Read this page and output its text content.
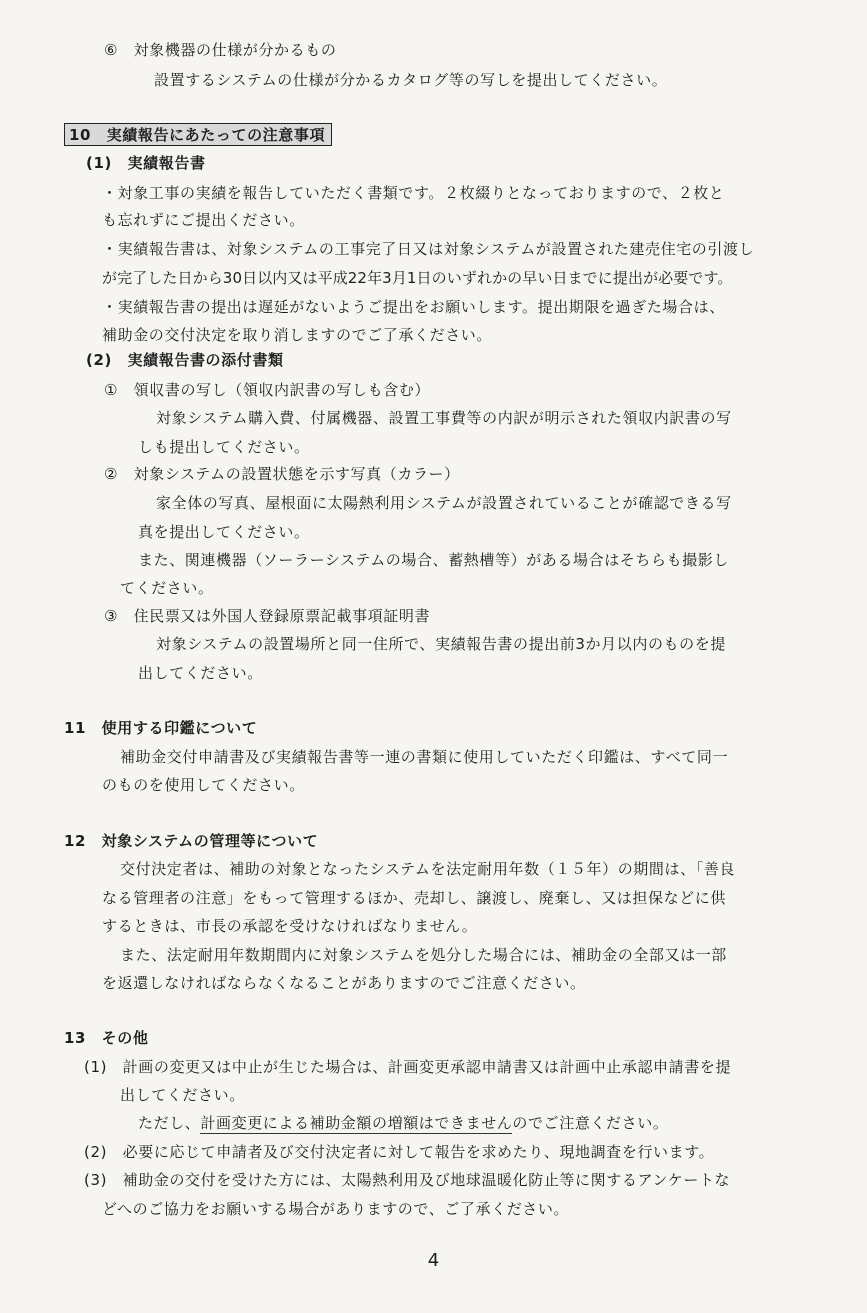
⑥　対象機器の仕様が分かるもの
設置するシステムの仕様が分かるカタログ等の写しを提出してください。
10　実績報告にあたっての注意事項
(1)　実績報告書
・対象工事の実績を報告していただく書類です。２枚綴りとなっておりますので、２枚と
も忘れずにご提出ください。
・実績報告書は、対象システムの工事完了日又は対象システムが設置された建売住宅の引渡し
が完了した日から30日以内又は平成22年3月1日のいずれかの早い日までに提出が必要です。
・実績報告書の提出は遅延がないようご提出をお願いします。提出期限を過ぎた場合は、
補助金の交付決定を取り消しますのでご了承ください。
(2)　実績報告書の添付書類
①　領収書の写し（領収内訳書の写しも含む）
対象システム購入費、付属機器、設置工事費等の内訳が明示された領収内訳書の写
しも提出してください。
②　対象システムの設置状態を示す写真（カラー）
家全体の写真、屋根面に太陽熱利用システムが設置されていることが確認できる写
真を提出してください。
また、関連機器（ソーラーシステムの場合、蓄熱槽等）がある場合はそちらも撮影し
てください。
③　住民票又は外国人登録原票記載事項証明書
対象システムの設置場所と同一住所で、実績報告書の提出前3か月以内のものを提
出してください。
11　使用する印鑑について
補助金交付申請書及び実績報告書等一連の書類に使用していただく印鑑は、すべて同一
のものを使用してください。
12　対象システムの管理等について
交付決定者は、補助の対象となったシステムを法定耐用年数（１５年）の期間は、「善良
なる管理者の注意」をもって管理するほか、売却し、譲渡し、廃棄し、又は担保などに供
するときは、市長の承認を受けなければなりません。
また、法定耐用年数期間内に対象システムを処分した場合には、補助金の全部又は一部
を返還しなければならなくなることがありますのでご注意ください。
13　その他
(1)　計画の変更又は中止が生じた場合は、計画変更承認申請書又は計画中止承認申請書を提
出してください。
ただし、計画変更による補助金額の増額はできませんのでご注意ください。
(2)　必要に応じて申請者及び交付決定者に対して報告を求めたり、現地調査を行います。
(3)　補助金の交付を受けた方には、太陽熱利用及び地球温暖化防止等に関するアンケートな
どへのご協力をお願いする場合がありますので、ご了承ください。
4
